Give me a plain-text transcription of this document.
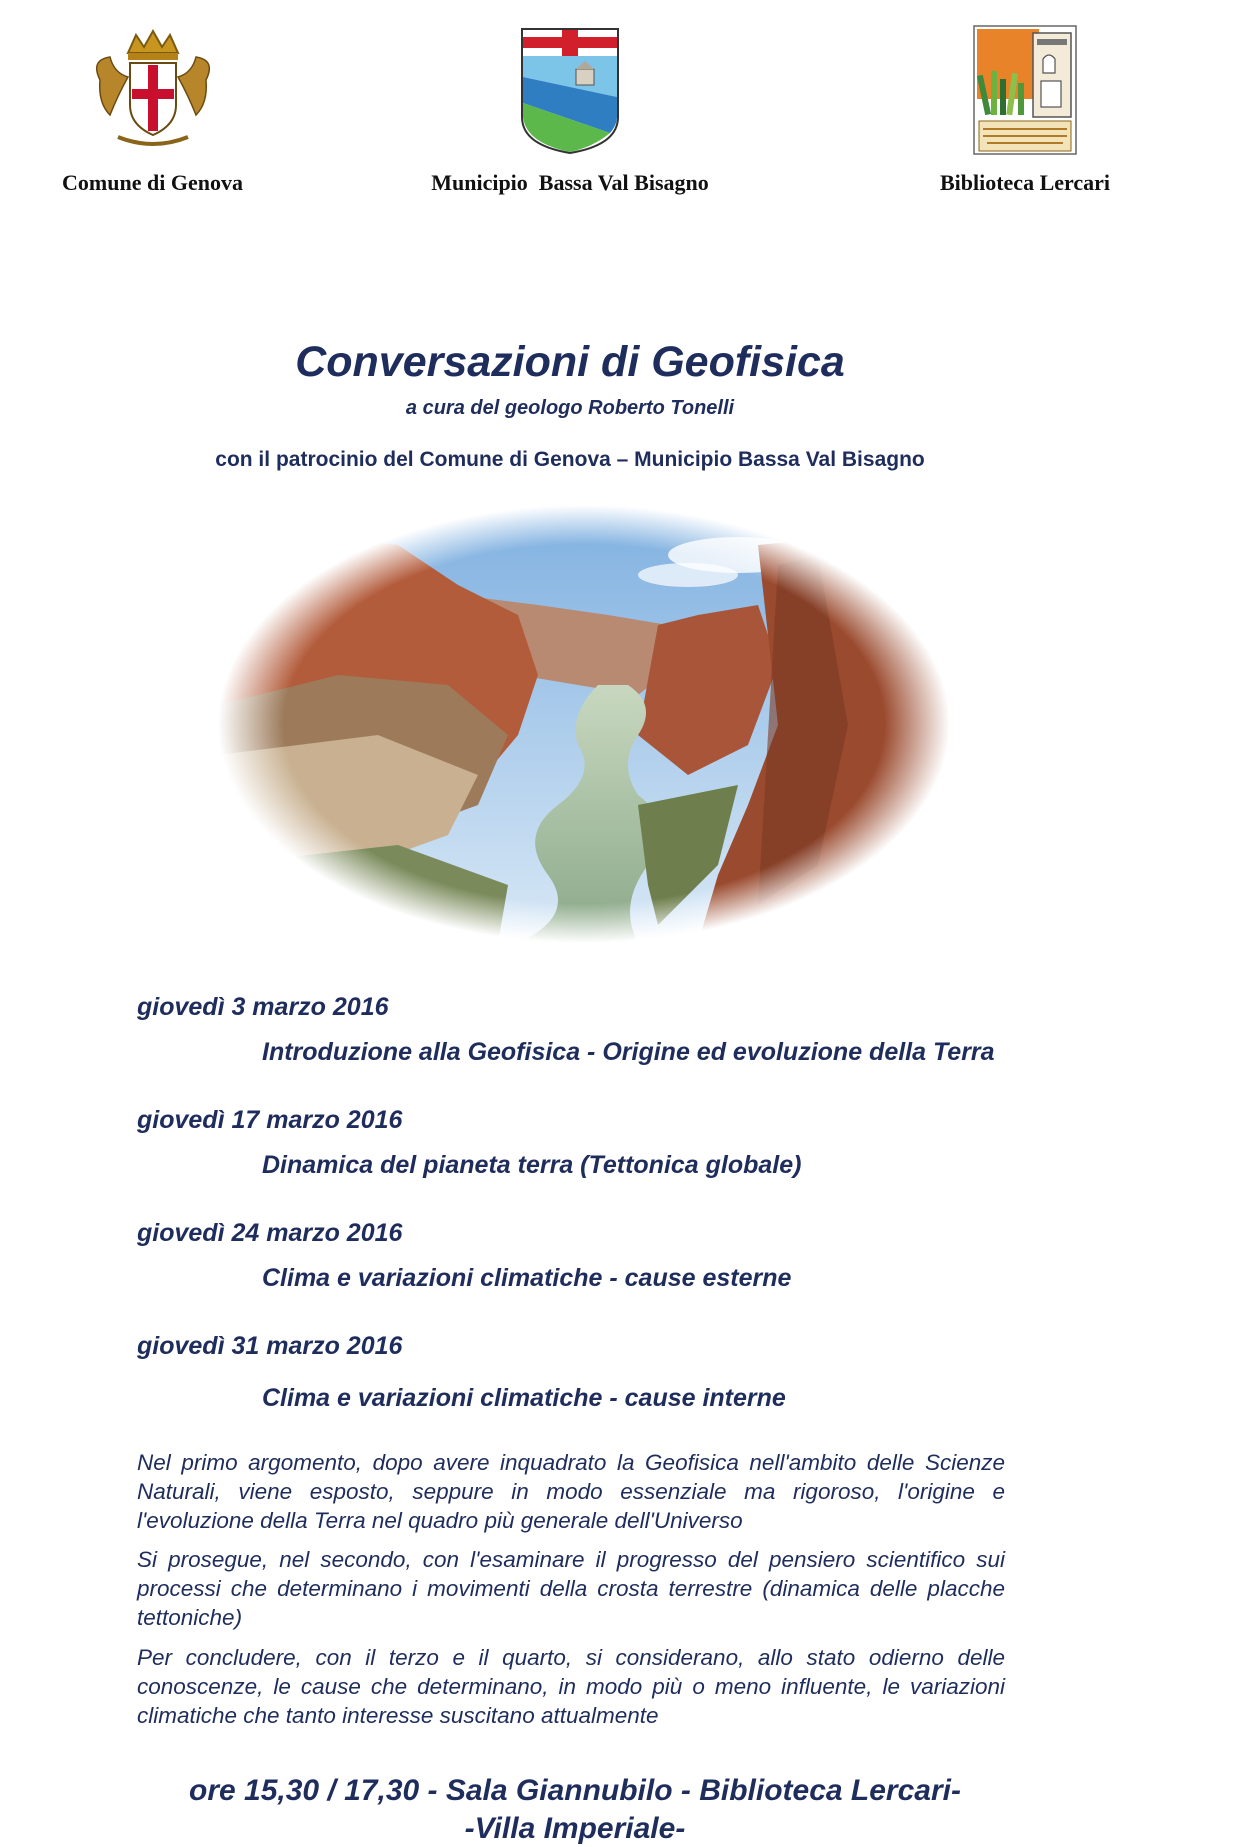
Comune di Genova	Municipio  Bassa Val Bisagno	Biblioteca Lercari
Conversazioni di Geofisica
a cura del geologo Roberto Tonelli
con il patrocinio del Comune di Genova – Municipio Bassa Val Bisagno
giovedì 3 marzo 2016
Introduzione alla Geofisica - Origine ed evoluzione della Terra
giovedì 17 marzo 2016
Dinamica del pianeta terra (Tettonica globale)
giovedì 24 marzo 2016
Clima e variazioni climatiche - cause esterne
giovedì 31 marzo 2016
Clima e variazioni climatiche - cause interne

Nel primo argomento, dopo avere inquadrato la Geofisica nell'ambito delle Scienze Naturali, viene esposto, seppure in modo essenziale ma rigoroso, l'origine e l'evoluzione della Terra nel quadro più generale dell'Universo

Si prosegue, nel secondo, con l'esaminare il progresso del pensiero scientifico sui processi che determinano i movimenti della crosta terrestre (dinamica delle placche tettoniche)

Per concludere, con il terzo e il quarto, si considerano, allo stato odierno delle conoscenze, le cause che determinano, in modo più o meno influente, le variazioni climatiche che tanto interesse suscitano attualmente

ore 15,30 / 17,30 - Sala Giannubilo - Biblioteca Lercari-
-Villa Imperiale-
